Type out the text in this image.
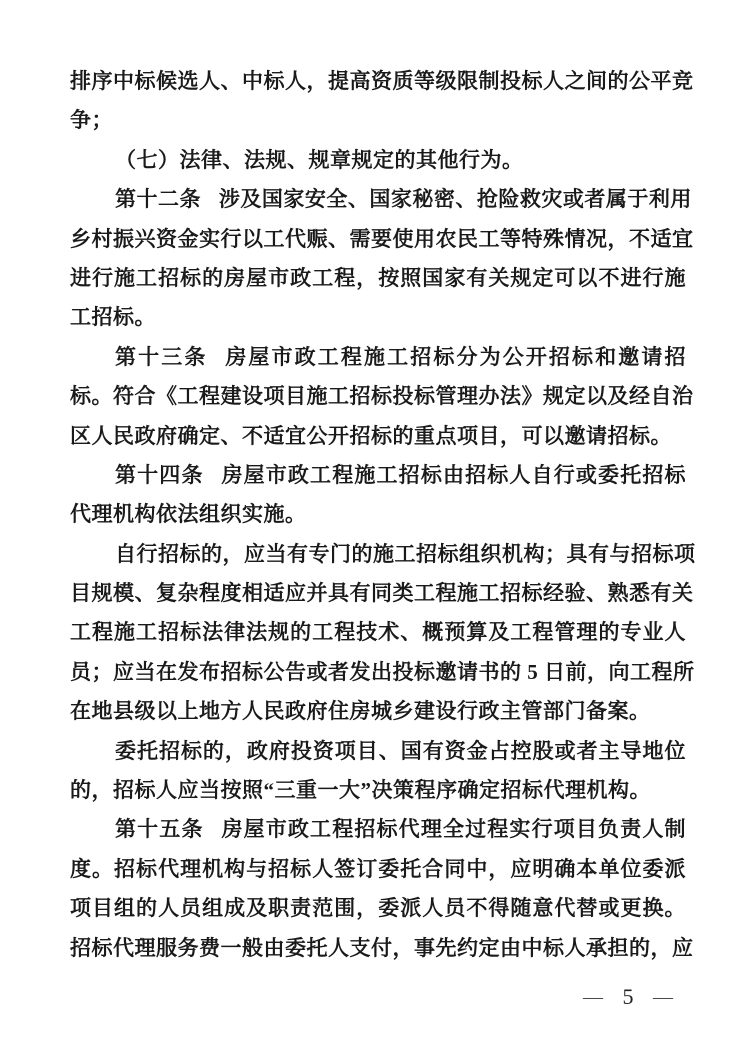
排序中标候选人、中标人，提高资质等级限制投标人之间的公平竞
争；
（七）法律、法规、规章规定的其他行为。
第十二条 涉及国家安全、国家秘密、抢险救灾或者属于利用
乡村振兴资金实行以工代赈、需要使用农民工等特殊情况，不适宜
进行施工招标的房屋市政工程，按照国家有关规定可以不进行施
工招标。
第十三条 房屋市政工程施工招标分为公开招标和邀请招
标。符合《工程建设项目施工招标投标管理办法》规定以及经自治
区人民政府确定、不适宜公开招标的重点项目，可以邀请招标。
第十四条 房屋市政工程施工招标由招标人自行或委托招标
代理机构依法组织实施。
自行招标的，应当有专门的施工招标组织机构；具有与招标项
目规模、复杂程度相适应并具有同类工程施工招标经验、熟悉有关
工程施工招标法律法规的工程技术、概预算及工程管理的专业人
员；应当在发布招标公告或者发出投标邀请书的 5 日前，向工程所
在地县级以上地方人民政府住房城乡建设行政主管部门备案。
委托招标的，政府投资项目、国有资金占控股或者主导地位
的，招标人应当按照“三重一大”决策程序确定招标代理机构。
第十五条 房屋市政工程招标代理全过程实行项目负责人制
度。招标代理机构与招标人签订委托合同中，应明确本单位委派
项目组的人员组成及职责范围，委派人员不得随意代替或更换。
招标代理服务费一般由委托人支付，事先约定由中标人承担的，应
— 5 —
